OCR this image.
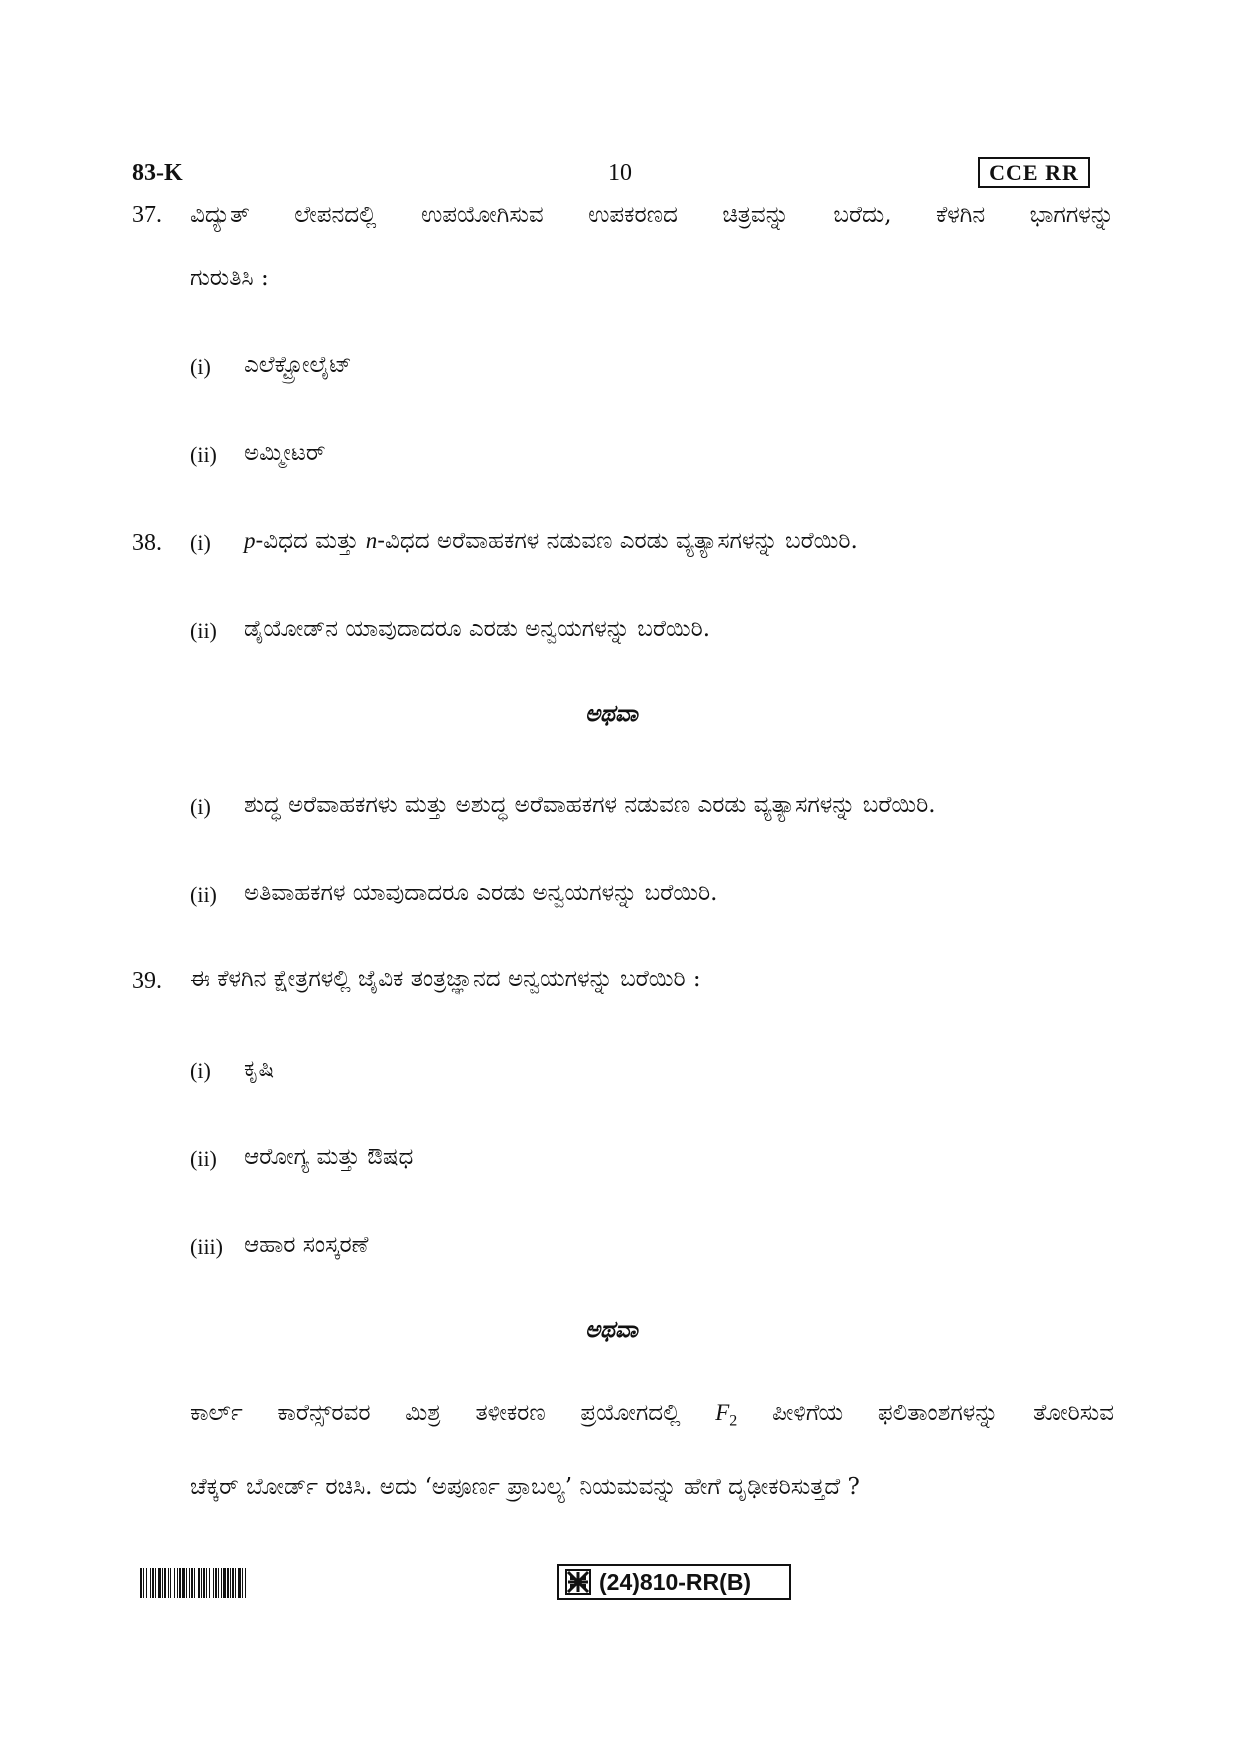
83-K	10	CCE RR
37. ವಿದ್ಯುತ್ ಲೇಪನದಲ್ಲಿ ಉಪಯೋಗಿಸುವ ಉಪಕರಣದ ಚಿತ್ರವನ್ನು ಬರೆದು, ಕೆಳಗಿನ ಭಾಗಗಳನ್ನು
ಗುರುತಿಸಿ :
(i) ಎಲೆಕ್ಟ್ರೋಲೈಟ್
(ii) ಅಮ್ಮೀಟರ್
38. (i) p-ವಿಧದ ಮತ್ತು n-ವಿಧದ ಅರೆವಾಹಕಗಳ ನಡುವಣ ಎರಡು ವ್ಯತ್ಯಾಸಗಳನ್ನು ಬರೆಯಿರಿ.
(ii) ಡೈಯೋಡ್‌ನ ಯಾವುದಾದರೂ ಎರಡು ಅನ್ವಯಗಳನ್ನು ಬರೆಯಿರಿ.
ಅಥವಾ
(i) ಶುದ್ಧ ಅರೆವಾಹಕಗಳು ಮತ್ತು ಅಶುದ್ಧ ಅರೆವಾಹಕಗಳ ನಡುವಣ ಎರಡು ವ್ಯತ್ಯಾಸಗಳನ್ನು ಬರೆಯಿರಿ.
(ii) ಅತಿವಾಹಕಗಳ ಯಾವುದಾದರೂ ಎರಡು ಅನ್ವಯಗಳನ್ನು ಬರೆಯಿರಿ.
39. ಈ ಕೆಳಗಿನ ಕ್ಷೇತ್ರಗಳಲ್ಲಿ ಜೈವಿಕ ತಂತ್ರಜ್ಞಾನದ ಅನ್ವಯಗಳನ್ನು ಬರೆಯಿರಿ :
(i) ಕೃಷಿ
(ii) ಆರೋಗ್ಯ ಮತ್ತು ಔಷಧ
(iii) ಆಹಾರ ಸಂಸ್ಕರಣೆ
ಅಥವಾ
ಕಾರ್ಲ್ ಕಾರೆನ್ಸ್‌ರವರ ಮಿಶ್ರ ತಳೀಕರಣ ಪ್ರಯೋಗದಲ್ಲಿ $F_2$ ಪೀಳಿಗೆಯ ಫಲಿತಾಂಶಗಳನ್ನು ತೋರಿಸುವ
ಚೆಕ್ಕರ್ ಬೋರ್ಡ್ ರಚಿಸಿ. ಅದು ‘ಅಪೂರ್ಣ ಪ್ರಾಬಲ್ಯ’ ನಿಯಮವನ್ನು ಹೇಗೆ ದೃಢೀಕರಿಸುತ್ತದೆ ?
(24)810-RR(B)
